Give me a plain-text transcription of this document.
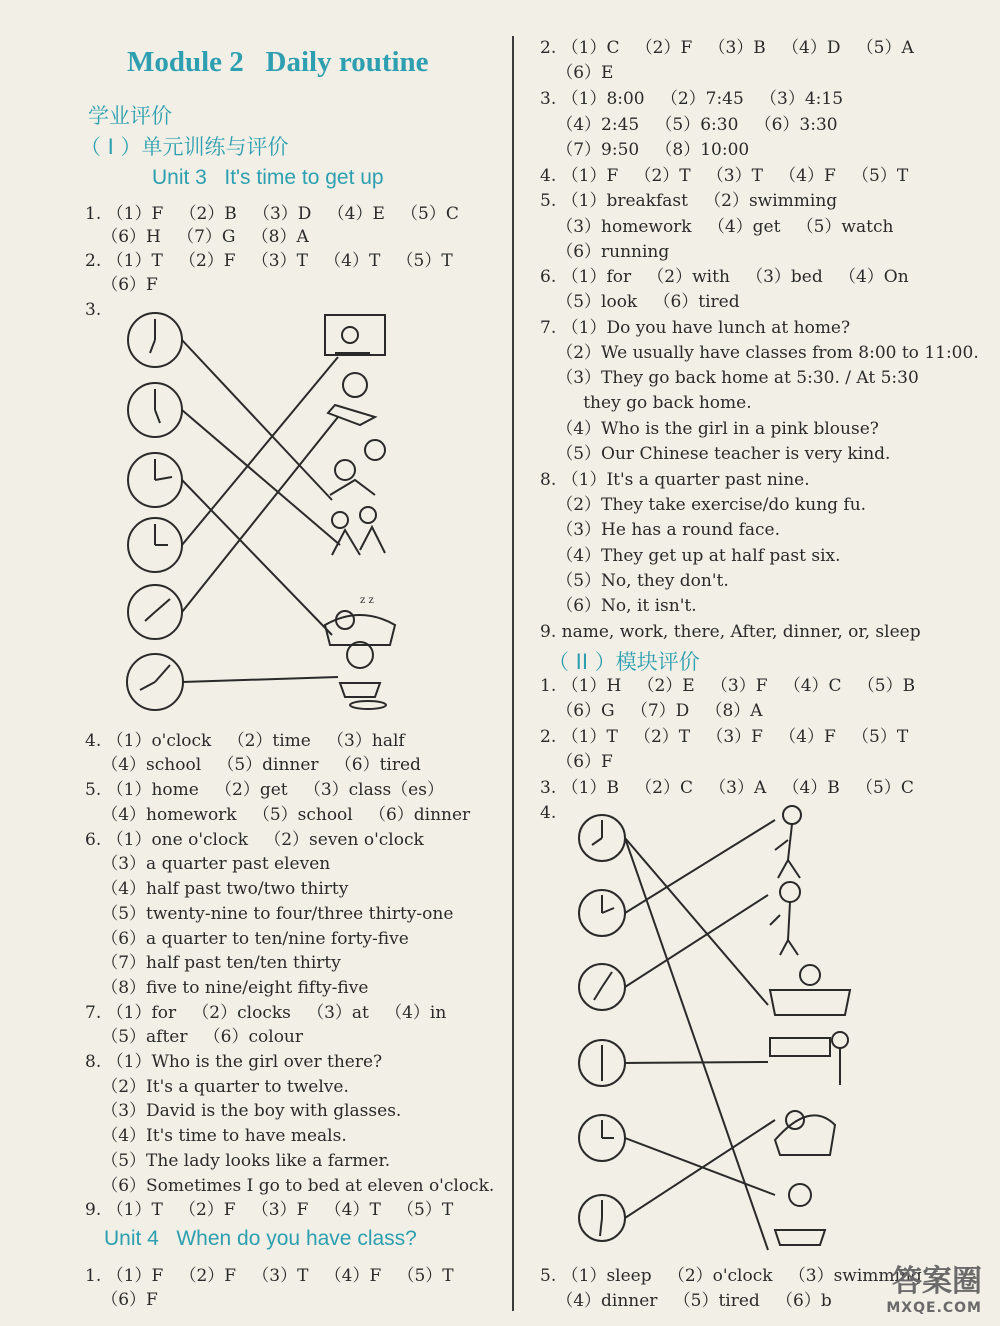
Module 2   Daily routine
学业评价
（ I ）单元训练与评价
Unit 3   It's time to get up
1. （1）F   （2）B   （3）D   （4）E   （5）C
（6）H   （7）G   （8）A
2. （1）T   （2）F   （3）T   （4）T   （5）T
（6）F
3.
4. （1）o'clock   （2）time   （3）half
（4）school   （5）dinner   （6）tired
5. （1）home   （2）get   （3）class（es）
（4）homework   （5）school   （6）dinner
6. （1）one o'clock   （2）seven o'clock
（3）a quarter past eleven
（4）half past two/two thirty
（5）twenty-nine to four/three thirty-one
（6）a quarter to ten/nine forty-five
（7）half past ten/ten thirty
（8）five to nine/eight fifty-five
7. （1）for   （2）clocks   （3）at   （4）in
（5）after   （6）colour
8. （1）Who is the girl over there?
（2）It's a quarter to twelve.
（3）David is the boy with glasses.
（4）It's time to have meals.
（5）The lady looks like a farmer.
（6）Sometimes I go to bed at eleven o'clock.
9. （1）T   （2）F   （3）F   （4）T   （5）T
Unit 4   When do you have class?
1. （1）F   （2）F   （3）T   （4）F   （5）T
（6）F
z z
2. （1）C   （2）F   （3）B   （4）D   （5）A
（6）E
3. （1）8:00   （2）7:45   （3）4:15
（4）2:45   （5）6:30   （6）3:30
（7）9:50   （8）10:00
4. （1）F   （2）T   （3）T   （4）F   （5）T
5. （1）breakfast   （2）swimming
（3）homework   （4）get   （5）watch
（6）running
6. （1）for   （2）with   （3）bed   （4）On
（5）look   （6）tired
7. （1）Do you have lunch at home?
（2）We usually have classes from 8:00 to 11:00.
（3）They go back home at 5:30. / At 5:30
they go back home.
（4）Who is the girl in a pink blouse?
（5）Our Chinese teacher is very kind.
8. （1）It's a quarter past nine.
（2）They take exercise/do kung fu.
（3）He has a round face.
（4）They get up at half past six.
（5）No, they don't.
（6）No, it isn't.
9. name, work, there, After, dinner, or, sleep
（ II ）模块评价
1. （1）H   （2）E   （3）F   （4）C   （5）B
（6）G   （7）D   （8）A
2. （1）T   （2）T   （3）F   （4）F   （5）T
（6）F
3. （1）B   （2）C   （3）A   （4）B   （5）C
4.
5. （1）sleep   （2）o'clock   （3）swimming
（4）dinner   （5）tired   （6）b
答案圈
MXQE.COM
